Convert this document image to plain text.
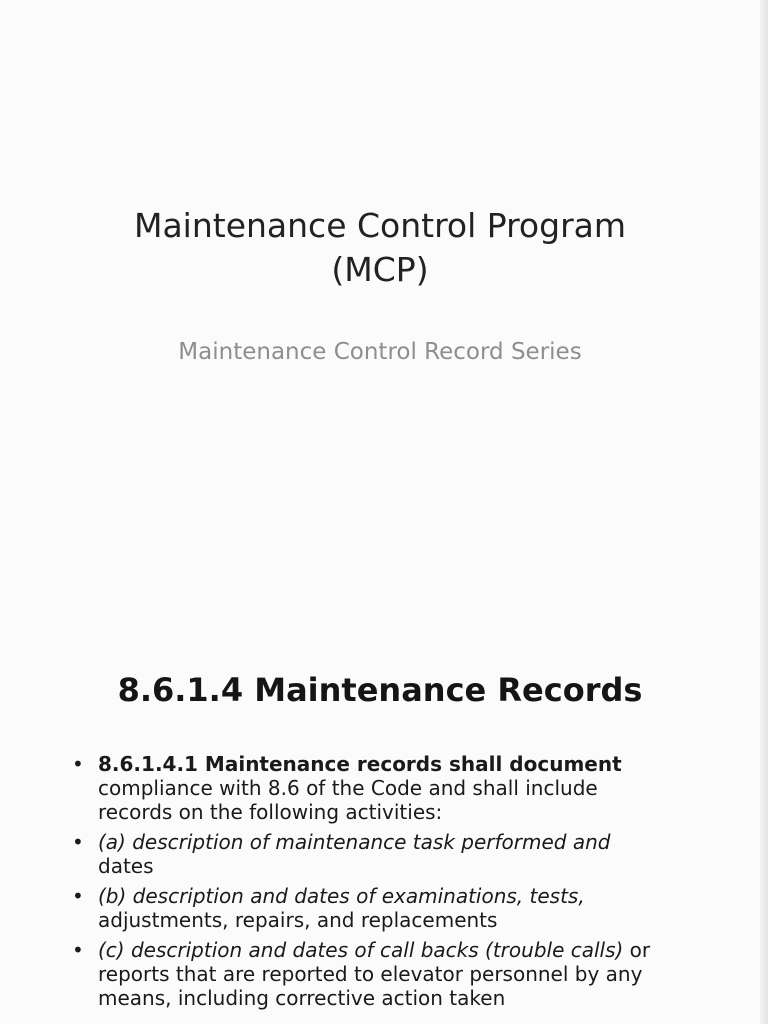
Maintenance Control Program
(MCP)
Maintenance Control Record Series
8.6.1.4 Maintenance Records
• 8.6.1.4.1 Maintenance records shall document compliance with 8.6 of the Code and shall include records on the following activities:
• (a) description of maintenance task performed and dates
• (b) description and dates of examinations, tests, adjustments, repairs, and replacements
• (c) description and dates of call backs (trouble calls) or reports that are reported to elevator personnel by any means, including corrective action taken
